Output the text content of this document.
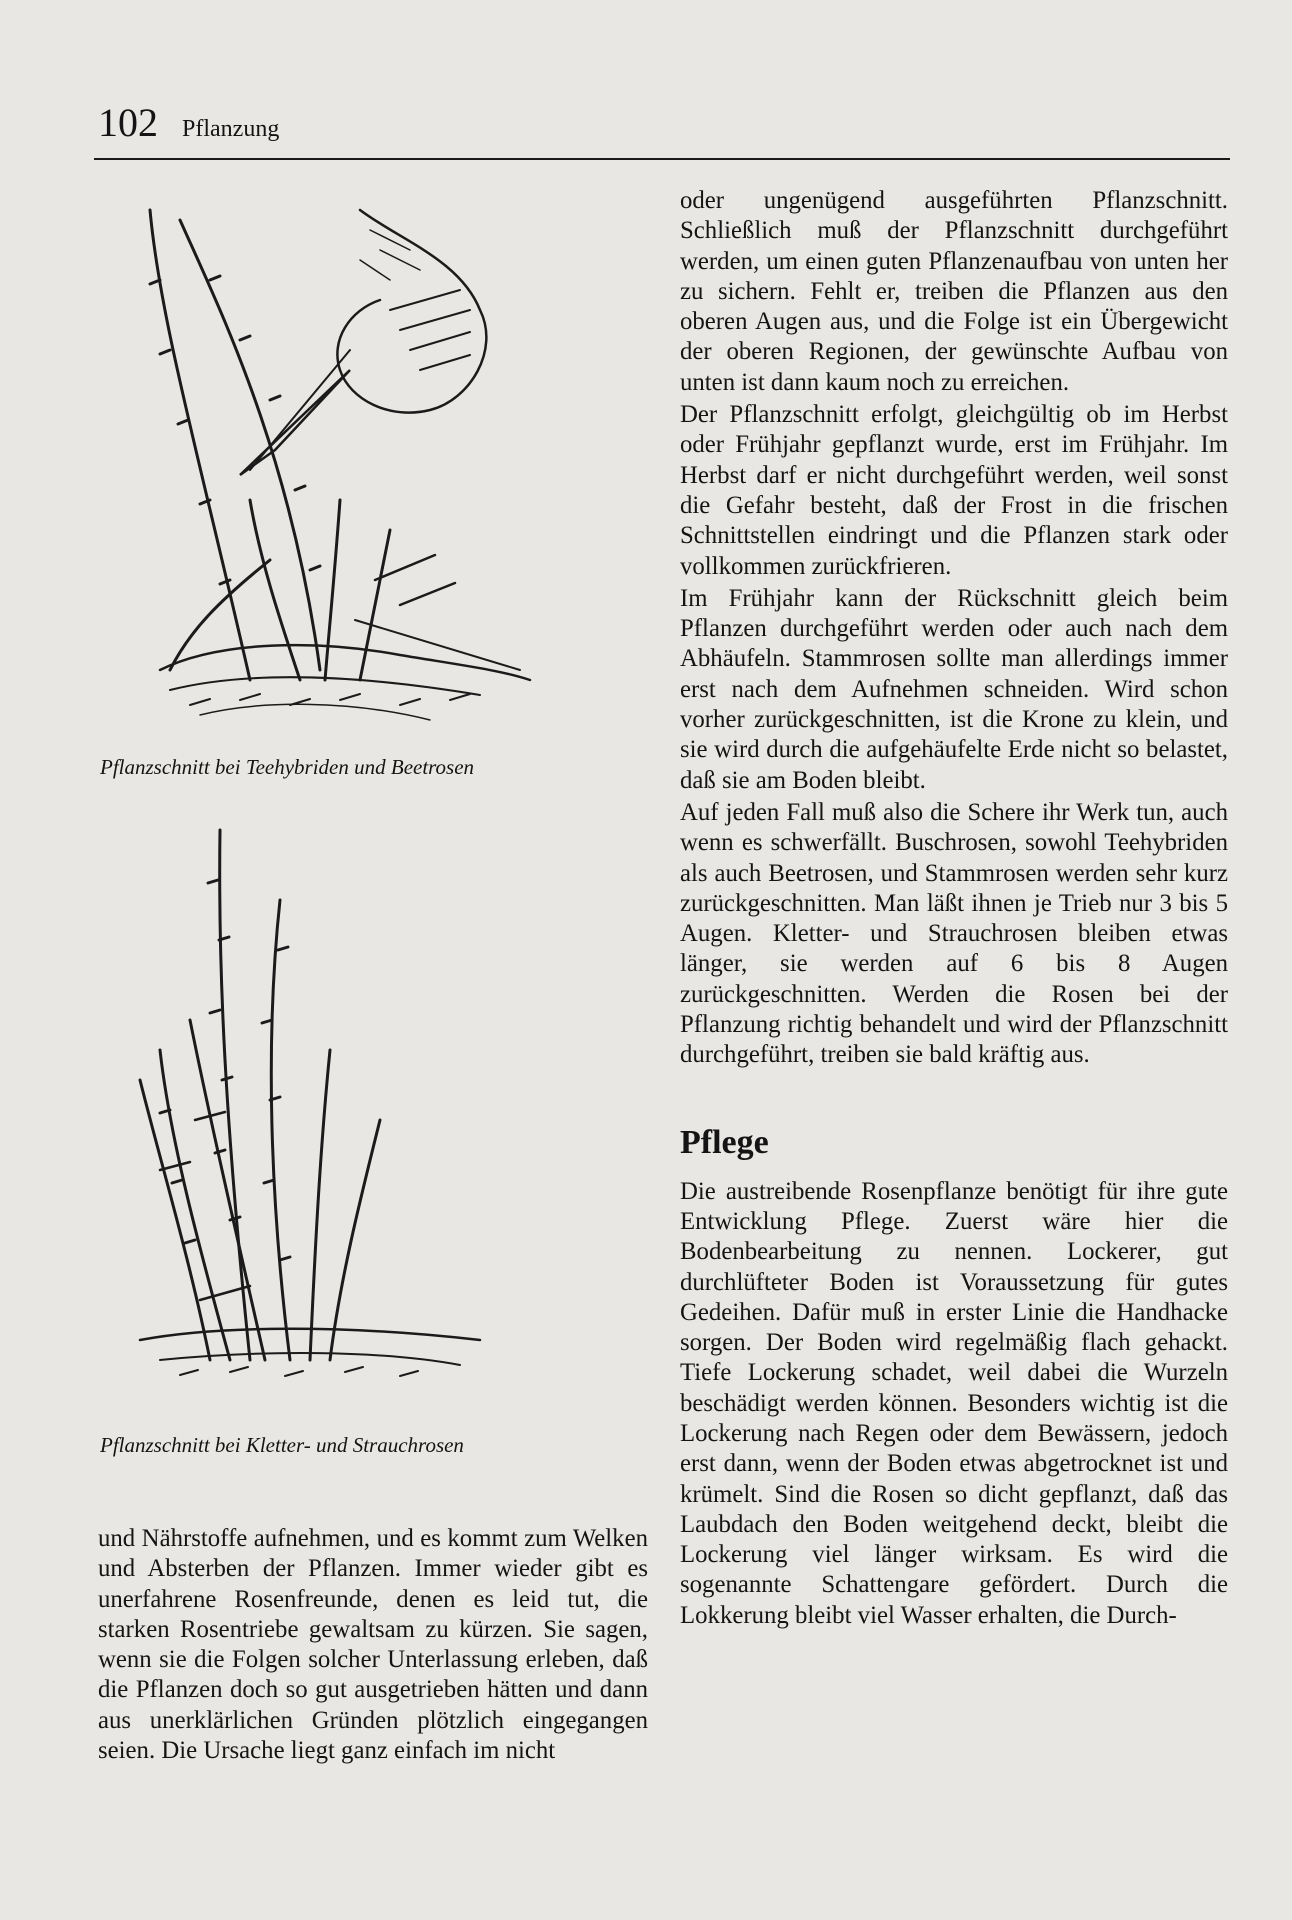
102 Pflanzung
Pflanzschnitt bei Teehybriden und Beetrosen
Pflanzschnitt bei Kletter- und Strauchrosen

und Nährstoffe aufnehmen, und es kommt zum Welken und Absterben der Pflanzen. Immer wieder gibt es unerfahrene Rosenfreunde, denen es leid tut, die starken Rosentriebe gewaltsam zu kürzen. Sie sagen, wenn sie die Folgen solcher Unterlassung erleben, daß die Pflanzen doch so gut ausgetrieben hätten und dann aus unerklärlichen Gründen plötzlich eingegangen seien. Die Ursache liegt ganz einfach im nicht

oder ungenügend ausgeführten Pflanzschnitt. Schließlich muß der Pflanzschnitt durchgeführt werden, um einen guten Pflanzenaufbau von unten her zu sichern. Fehlt er, treiben die Pflanzen aus den oberen Augen aus, und die Folge ist ein Übergewicht der oberen Regionen, der gewünschte Aufbau von unten ist dann kaum noch zu erreichen.

Der Pflanzschnitt erfolgt, gleichgültig ob im Herbst oder Frühjahr gepflanzt wurde, erst im Frühjahr. Im Herbst darf er nicht durchgeführt werden, weil sonst die Gefahr besteht, daß der Frost in die frischen Schnittstellen eindringt und die Pflanzen stark oder vollkommen zurückfrieren.

Im Frühjahr kann der Rückschnitt gleich beim Pflanzen durchgeführt werden oder auch nach dem Abhäufeln. Stammrosen sollte man allerdings immer erst nach dem Aufnehmen schneiden. Wird schon vorher zurückgeschnitten, ist die Krone zu klein, und sie wird durch die aufgehäufelte Erde nicht so belastet, daß sie am Boden bleibt.

Auf jeden Fall muß also die Schere ihr Werk tun, auch wenn es schwerfällt. Buschrosen, sowohl Teehybriden als auch Beetrosen, und Stammrosen werden sehr kurz zurückgeschnitten. Man läßt ihnen je Trieb nur 3 bis 5 Augen. Kletter- und Strauchrosen bleiben etwas länger, sie werden auf 6 bis 8 Augen zurückgeschnitten. Werden die Rosen bei der Pflanzung richtig behandelt und wird der Pflanzschnitt durchgeführt, treiben sie bald kräftig aus.

Pflege

Die austreibende Rosenpflanze benötigt für ihre gute Entwicklung Pflege. Zuerst wäre hier die Bodenbearbeitung zu nennen. Lockerer, gut durchlüfteter Boden ist Voraussetzung für gutes Gedeihen. Dafür muß in erster Linie die Handhacke sorgen. Der Boden wird regelmäßig flach gehackt. Tiefe Lockerung schadet, weil dabei die Wurzeln beschädigt werden können. Besonders wichtig ist die Lockerung nach Regen oder dem Bewässern, jedoch erst dann, wenn der Boden etwas abgetrocknet ist und krümelt. Sind die Rosen so dicht gepflanzt, daß das Laubdach den Boden weitgehend deckt, bleibt die Lockerung viel länger wirksam. Es wird die sogenannte Schattengare gefördert. Durch die Lokkerung bleibt viel Wasser erhalten, die Durch-
